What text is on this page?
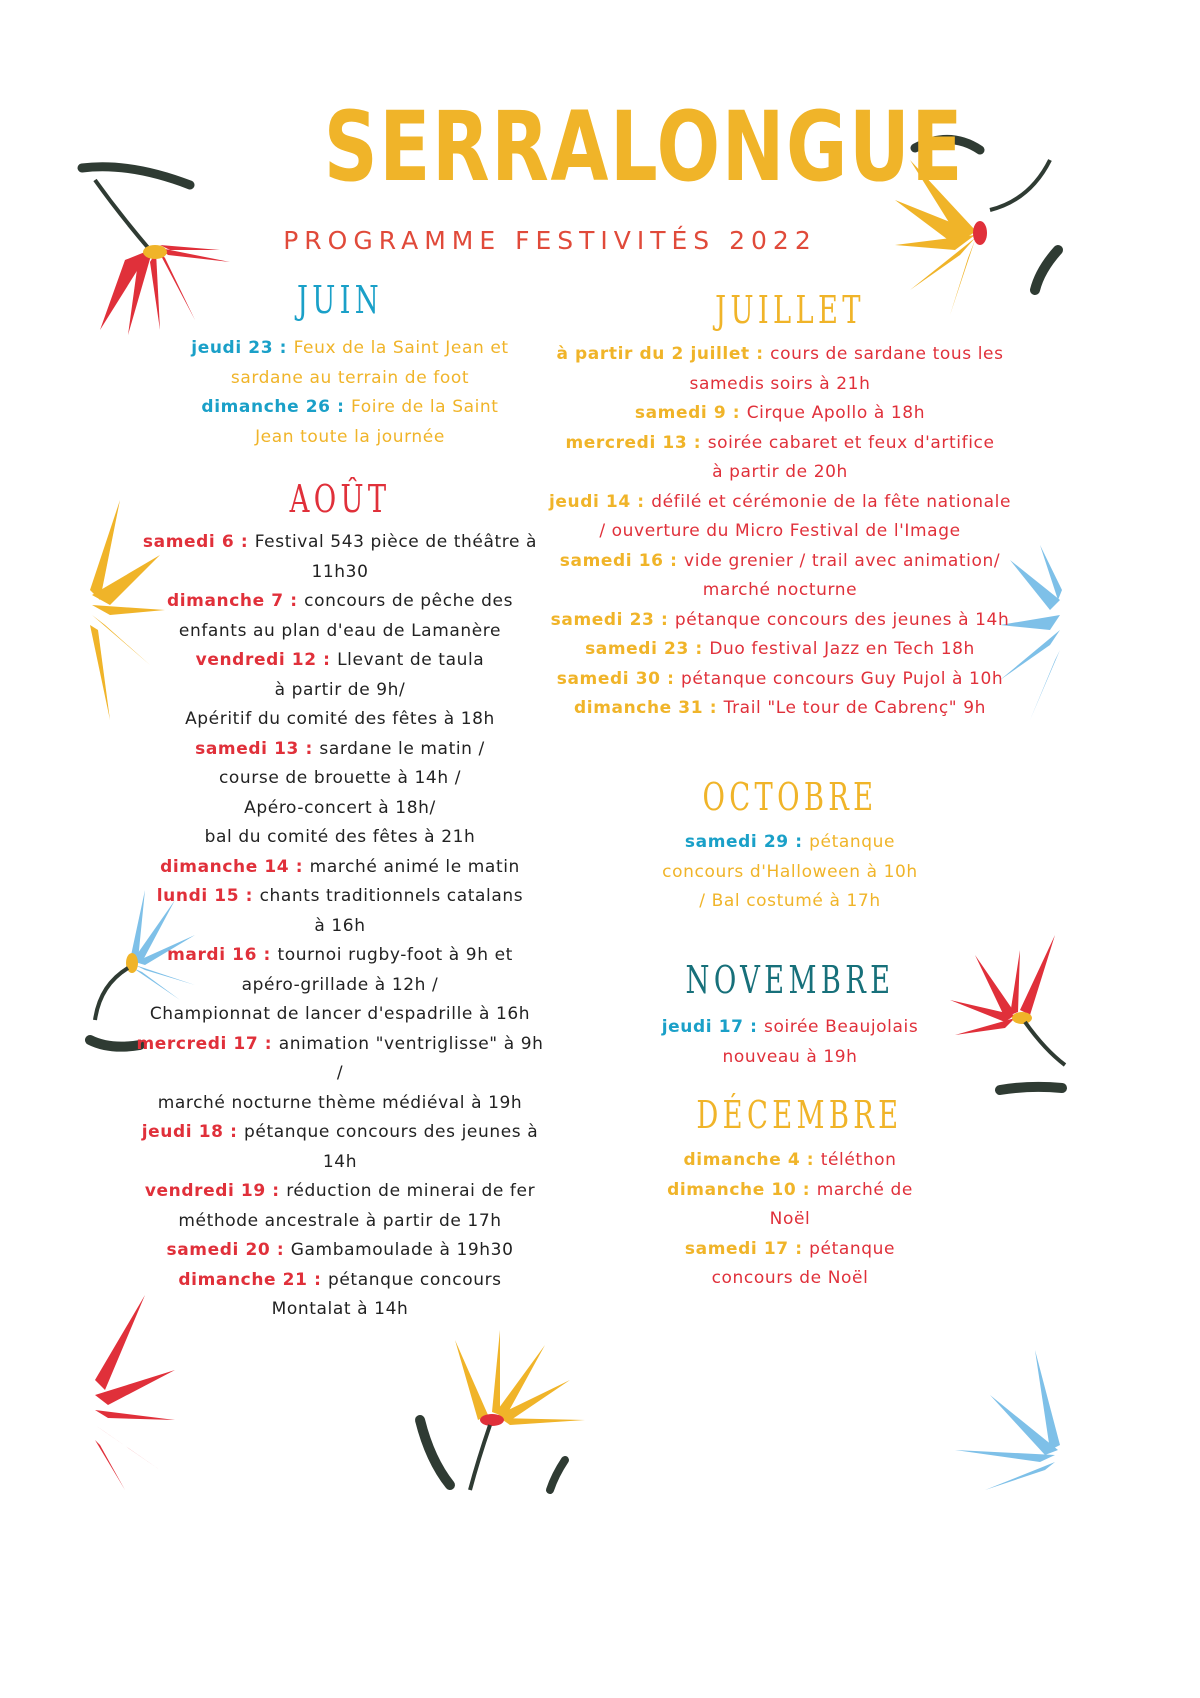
SERRALONGUE
PROGRAMME FESTIVITÉS 2022
JUIN
jeudi 23 : Feux de la Saint Jean et
sardane au terrain de foot
dimanche 26 : Foire de la Saint
Jean toute la journée
AOÛT
samedi 6 : Festival 543 pièce de théâtre à
11h30
dimanche 7 : concours de pêche des
enfants au plan d'eau de Lamanère
vendredi 12 : Llevant de taula
à partir de 9h/
Apéritif du comité des fêtes à 18h
samedi 13 : sardane le matin /
course de brouette à 14h /
Apéro-concert à 18h/
bal du comité des fêtes à 21h
dimanche 14 : marché animé le matin
lundi 15 : chants traditionnels catalans
à 16h
mardi 16 : tournoi rugby-foot à 9h et
apéro-grillade à 12h /
Championnat de lancer d'espadrille à 16h
mercredi 17 : animation "ventriglisse" à 9h
/
marché nocturne thème médiéval à 19h
jeudi 18 : pétanque concours des jeunes à
14h
vendredi 19 : réduction de minerai de fer
méthode ancestrale à partir de 17h
samedi 20 : Gambamoulade à 19h30
dimanche 21 : pétanque concours
Montalat à 14h
JUILLET
à partir du 2 juillet : cours de sardane tous les
samedis soirs à 21h
samedi 9 : Cirque Apollo à 18h
mercredi 13 : soirée cabaret et feux d'artifice
à partir de 20h
jeudi 14 : défilé et cérémonie de la fête nationale
/ ouverture du Micro Festival de l'Image
samedi 16 : vide grenier / trail avec animation/
marché nocturne
samedi 23 : pétanque concours des jeunes à 14h
samedi 23 : Duo festival Jazz en Tech 18h
samedi 30 : pétanque concours Guy Pujol à 10h
dimanche 31 : Trail "Le tour de Cabrenç" 9h
OCTOBRE
samedi 29 : pétanque
concours d'Halloween à 10h
/ Bal costumé à 17h
NOVEMBRE
jeudi 17 : soirée Beaujolais
nouveau à 19h
DÉCEMBRE
dimanche 4 : téléthon
dimanche 10 : marché de
Noël
samedi 17 : pétanque
concours de Noël
